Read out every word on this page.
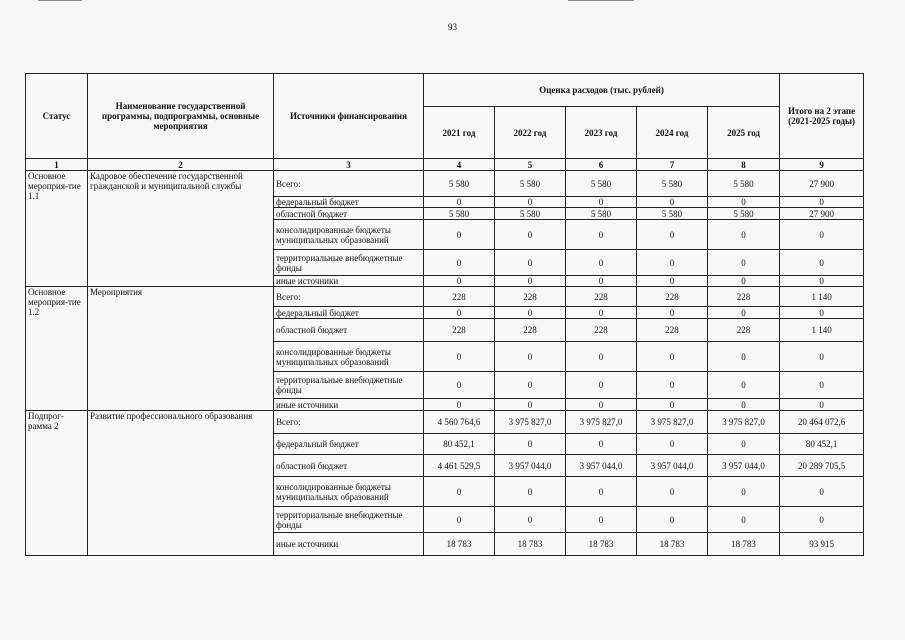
93
Статус	Наименование государственной программы, подпрограммы, основные мероприятия	Источники финансирования	Оценка расходов (тыс. рублей)					Итого на 2 этапе (2021-2025 годы)
			2021 год	2022 год	2023 год	2024 год	2025 год	
1	2	3	4	5	6	7	8	9
Основное мероприя-тие 1.1	Кадровое обеспечение государственной гражданской и муниципальной службы	Всего:	5 580	5 580	5 580	5 580	5 580	27 900
		федеральный бюджет	0	0	0	0	0	0
		областной бюджет	5 580	5 580	5 580	5 580	5 580	27 900
		консолидированные бюджеты муниципальных образований	0	0	0	0	0	0
		территориальные внебюджетные фонды	0	0	0	0	0	0
		иные источники	0	0	0	0	0	0
Основное мероприя-тие 1.2	Мероприятия	Всего:	228	228	228	228	228	1 140
		федеральный бюджет	0	0	0	0	0	0
		областной бюджет	228	228	228	228	228	1 140
		консолидированные бюджеты муниципальных образований	0	0	0	0	0	0
		территориальные внебюджетные фонды	0	0	0	0	0	0
		иные источники	0	0	0	0	0	0
Подпрог-рамма 2	Развитие профессионального образования	Всего:	4 560 764,6	3 975 827,0	3 975 827,0	3 975 827,0	3 975 827,0	20 464 072,6
		федеральный бюджет	80 452,1	0	0	0	0	80 452,1
		областной бюджет	4 461 529,5	3 957 044,0	3 957 044,0	3 957 044,0	3 957 044,0	20 289 705,5
		консолидированные бюджеты муниципальных образований	0	0	0	0	0	0
		территориальные внебюджетные фонды	0	0	0	0	0	0
		иные источники	18 783	18 783	18 783	18 783	18 783	93 915
